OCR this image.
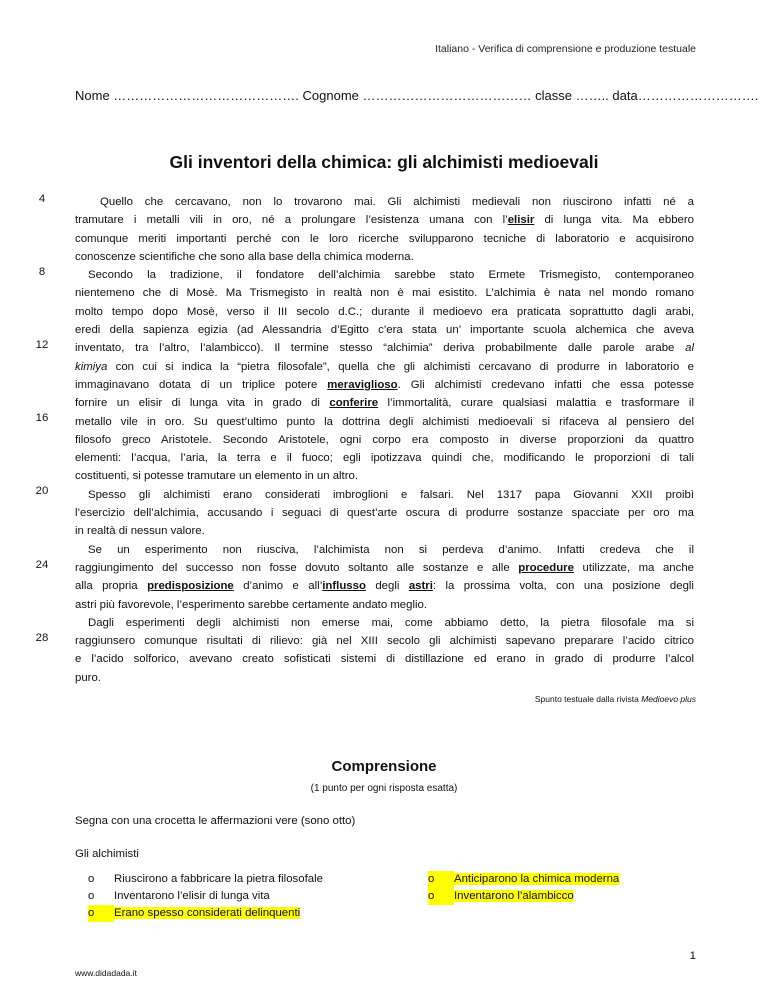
Italiano - Verifica di comprensione e produzione testuale
Nome ……………………………………. Cognome ………………………………… classe …….. data……………………….
Gli inventori della chimica: gli alchimisti medioevali
4
8
12
16
20
24
28
Quello che cercavano, non lo trovarono mai. Gli alchimisti medievali non riuscirono infatti né a
tramutare i metalli vili in oro, né a prolungare l’esistenza umana con l’elisir di lunga vita. Ma ebbero
comunque meriti importanti perché con le loro ricerche svilupparono tecniche di laboratorio e acquisirono
conoscenze scientifiche che sono alla base della chimica moderna.
Secondo la tradizione, il fondatore dell’alchimia sarebbe stato Ermete Trismegisto, contemporaneo
nientemeno che di Mosè. Ma Trismegisto in realtà non è mai esistito. L’alchimia è nata nel mondo romano
molto tempo dopo Mosè, verso il III secolo d.C.; durante il medioevo era praticata soprattutto dagli arabi,
eredi della sapienza egizia (ad Alessandria d’Egitto c’era stata un’ importante scuola alchemica che aveva
inventato, tra l’altro, l’alambicco). Il termine stesso “alchimia” deriva probabilmente dalle parole arabe al
kimiya con cui si indica la “pietra filosofale”, quella che gli alchimisti cercavano di produrre in laboratorio e
immaginavano dotata di un triplice potere meraviglioso. Gli alchimisti credevano infatti che essa potesse
fornire un elisir di lunga vita in grado di conferire l’immortalità, curare qualsiasi malattia e trasformare il
metallo vile in oro. Su quest’ultimo punto la dottrina degli alchimisti medioevali si rifaceva al pensiero del
filosofo greco Aristotele. Secondo Aristotele, ogni corpo era composto in diverse proporzioni da quattro
elementi: l’acqua, l’aria, la terra e il fuoco; egli ipotizzava quindi che, modificando le proporzioni di tali
costituenti, si potesse tramutare un elemento in un altro.
Spesso gli alchimisti erano considerati imbroglioni e falsari. Nel 1317 papa Giovanni XXII proibì
l’esercizio dell’alchimia, accusando i seguaci di quest’arte oscura di produrre sostanze spacciate per oro ma
in realtà di nessun valore.
Se un esperimento non riusciva, l’alchimista non si perdeva d’animo. Infatti credeva che il
raggiungimento del successo non fosse dovuto soltanto alle sostanze e alle procedure utilizzate, ma anche
alla propria predisposizione d’animo e all’influsso degli astri: la prossima volta, con una posizione degli
astri più favorevole, l’esperimento sarebbe certamente andato meglio.
Dagli esperimenti degli alchimisti non emerse mai, come abbiamo detto, la pietra filosofale ma si
raggiunsero comunque risultati di rilievo: già nel XIII secolo gli alchimisti sapevano preparare l’acido citrico
e l’acido solforico, avevano creato sofisticati sistemi di distillazione ed erano in grado di produrre l’alcol
puro.
Spunto testuale dalla rivista Medioevo plus
Comprensione
(1 punto per ogni risposta esatta)
Segna con una crocetta le affermazioni vere (sono otto)
Gli alchimisti
o Riuscirono a fabbricare la pietra filosofale
o Inventarono l’elisir di lunga vita
o Erano spesso considerati delinquenti
o Anticiparono la chimica moderna
o Inventarono l’alambicco
www.didadada.it
1
